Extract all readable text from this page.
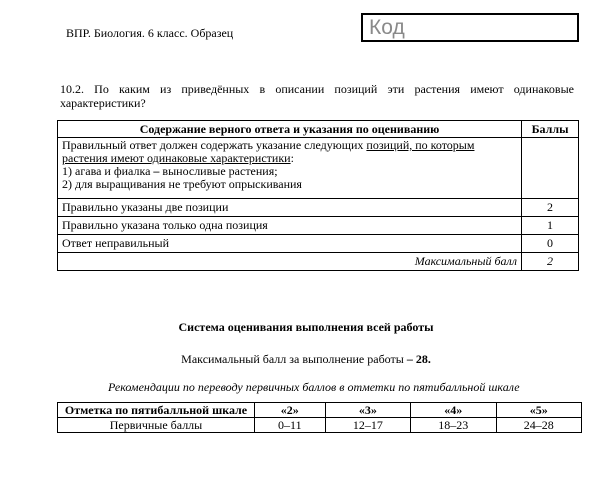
ВПР. Биология. 6 класс. Образец	Код
10.2. По каким из приведённых в описании позиций эти растения имеют одинаковые характеристики?
Содержание верного ответа и указания по оцениванию	Баллы
Правильный ответ должен содержать указание следующих позиций, по которым
растения имеют одинаковые характеристики:
1) агава и фиалка – выносливые растения;
2) для выращивания не требуют опрыскивания	
Правильно указаны две позиции	2
Правильно указана только одна позиция	1
Ответ неправильный	0
Максимальный балл	2
Система оценивания выполнения всей работы
Максимальный балл за выполнение работы – 28.
Рекомендации по переводу первичных баллов в отметки по пятибалльной шкале
Отметка по пятибалльной шкале	«2»	«3»	«4»	«5»
Первичные баллы	0–11	12–17	18–23	24–28
